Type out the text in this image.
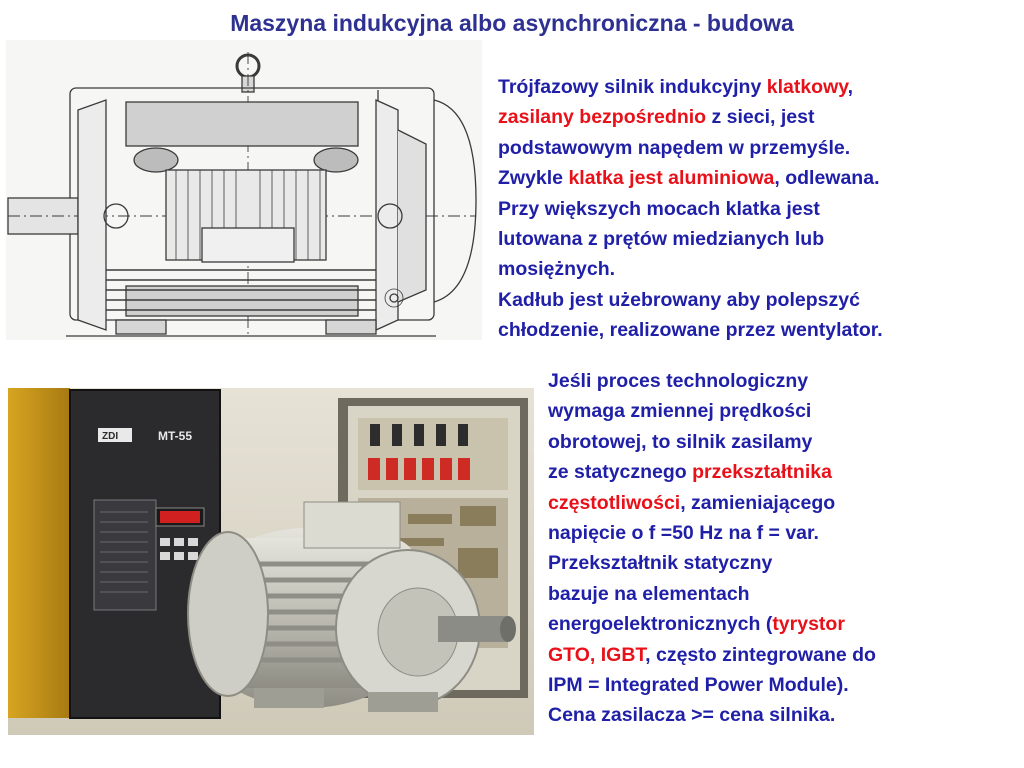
Maszyna indukcyjna albo asynchroniczna - budowa
ZDI	MT-55
Trójfazowy silnik indukcyjny klatkowy,
zasilany bezpośrednio z sieci, jest
podstawowym napędem w przemyśle.
Zwykle klatka jest aluminiowa, odlewana.
Przy większych mocach klatka jest
lutowana z prętów miedzianych lub
mosiężnych.
Kadłub jest użebrowany aby polepszyć
chłodzenie, realizowane przez wentylator.
Jeśli proces technologiczny
wymaga zmiennej prędkości
obrotowej, to silnik zasilamy
ze statycznego przekształtnika
częstotliwości, zamieniającego
napięcie o f =50 Hz na f = var.
Przekształtnik statyczny
bazuje na elementach
energoelektronicznych (tyrystor
GTO, IGBT, często zintegrowane do
IPM = Integrated Power Module).
Cena zasilacza >= cena silnika.
